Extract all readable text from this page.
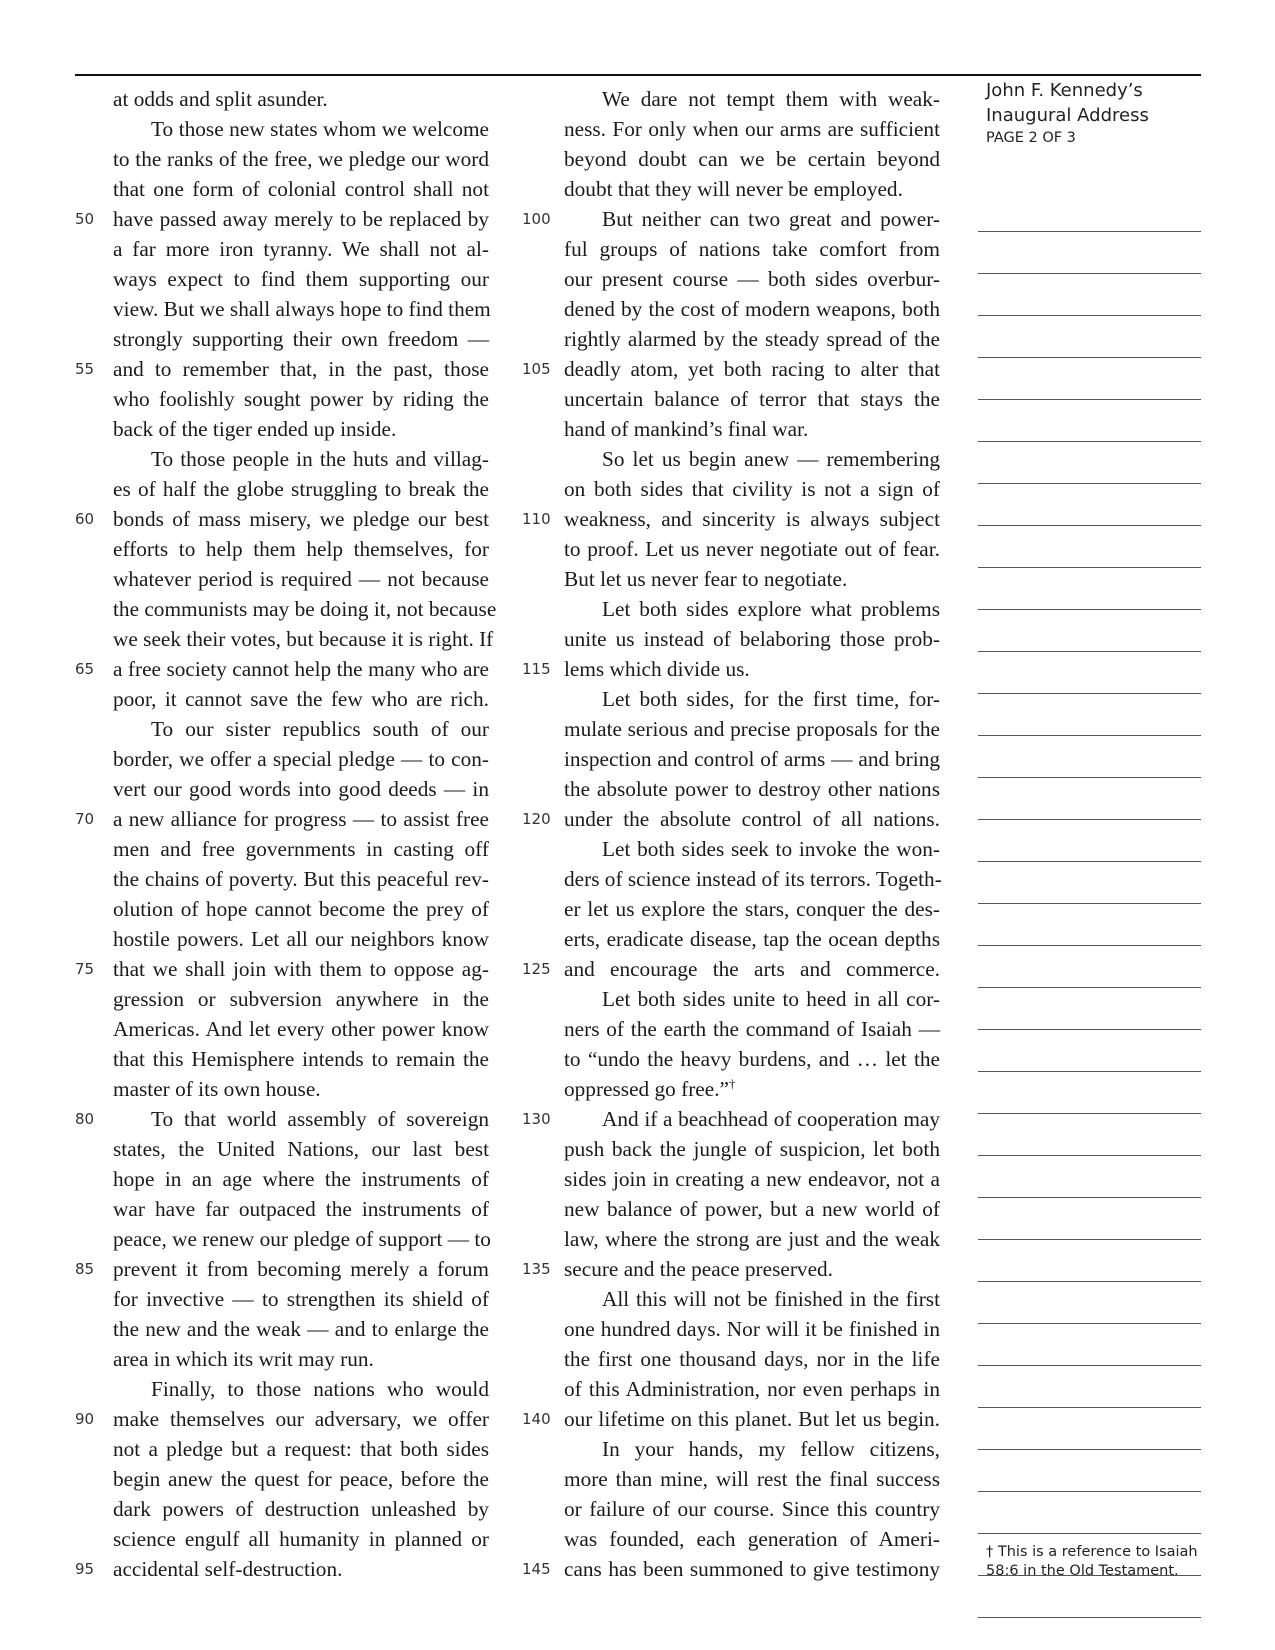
at odds and split asunder.
To those new states whom we welcome
to the ranks of the free, we pledge our word
that one form of colonial control shall not
have passed away merely to be replaced by
50
a far more iron tyranny. We shall not al-
ways expect to find them supporting our
view. But we shall always hope to find them
strongly supporting their own freedom —
and to remember that, in the past, those
55
who foolishly sought power by riding the
back of the tiger ended up inside.
To those people in the huts and villag-
es of half the globe struggling to break the
bonds of mass misery, we pledge our best
60
efforts to help them help themselves, for
whatever period is required — not because
the communists may be doing it, not because
we seek their votes, but because it is right. If
a free society cannot help the many who are
65
poor, it cannot save the few who are rich.
To our sister republics south of our
border, we offer a special pledge — to con-
vert our good words into good deeds — in
a new alliance for progress — to assist free
70
men and free governments in casting off
the chains of poverty. But this peaceful rev-
olution of hope cannot become the prey of
hostile powers. Let all our neighbors know
that we shall join with them to oppose ag-
75
gression or subversion anywhere in the
Americas. And let every other power know
that this Hemisphere intends to remain the
master of its own house.
To that world assembly of sovereign
80
states, the United Nations, our last best
hope in an age where the instruments of
war have far outpaced the instruments of
peace, we renew our pledge of support — to
prevent it from becoming merely a forum
85
for invective — to strengthen its shield of
the new and the weak — and to enlarge the
area in which its writ may run.
Finally, to those nations who would
make themselves our adversary, we offer
90
not a pledge but a request: that both sides
begin anew the quest for peace, before the
dark powers of destruction unleashed by
science engulf all humanity in planned or
accidental self-destruction.
95
We dare not tempt them with weak-
ness. For only when our arms are sufficient
beyond doubt can we be certain beyond
doubt that they will never be employed.
But neither can two great and power-
100
ful groups of nations take comfort from
our present course — both sides overbur-
dened by the cost of modern weapons, both
rightly alarmed by the steady spread of the
deadly atom, yet both racing to alter that
105
uncertain balance of terror that stays the
hand of mankind’s final war.
So let us begin anew — remembering
on both sides that civility is not a sign of
weakness, and sincerity is always subject
110
to proof. Let us never negotiate out of fear.
But let us never fear to negotiate.
Let both sides explore what problems
unite us instead of belaboring those prob-
lems which divide us.
115
Let both sides, for the first time, for-
mulate serious and precise proposals for the
inspection and control of arms — and bring
the absolute power to destroy other nations
under the absolute control of all nations.
120
Let both sides seek to invoke the won-
ders of science instead of its terrors. Togeth-
er let us explore the stars, conquer the des-
erts, eradicate disease, tap the ocean depths
and encourage the arts and commerce.
125
Let both sides unite to heed in all cor-
ners of the earth the command of Isaiah —
to “undo the heavy burdens, and … let the
oppressed go free.”†
And if a beachhead of cooperation may
130
push back the jungle of suspicion, let both
sides join in creating a new endeavor, not a
new balance of power, but a new world of
law, where the strong are just and the weak
secure and the peace preserved.
135
All this will not be finished in the first
one hundred days. Nor will it be finished in
the first one thousand days, nor in the life
of this Administration, nor even perhaps in
our lifetime on this planet. But let us begin.
140
In your hands, my fellow citizens,
more than mine, will rest the final success
or failure of our course. Since this country
was founded, each generation of Ameri-
cans has been summoned to give testimony
145
John F. Kennedy’s
Inaugural Address
PAGE 2 OF 3
† This is a reference to Isaiah
58:6 in the Old Testament.
